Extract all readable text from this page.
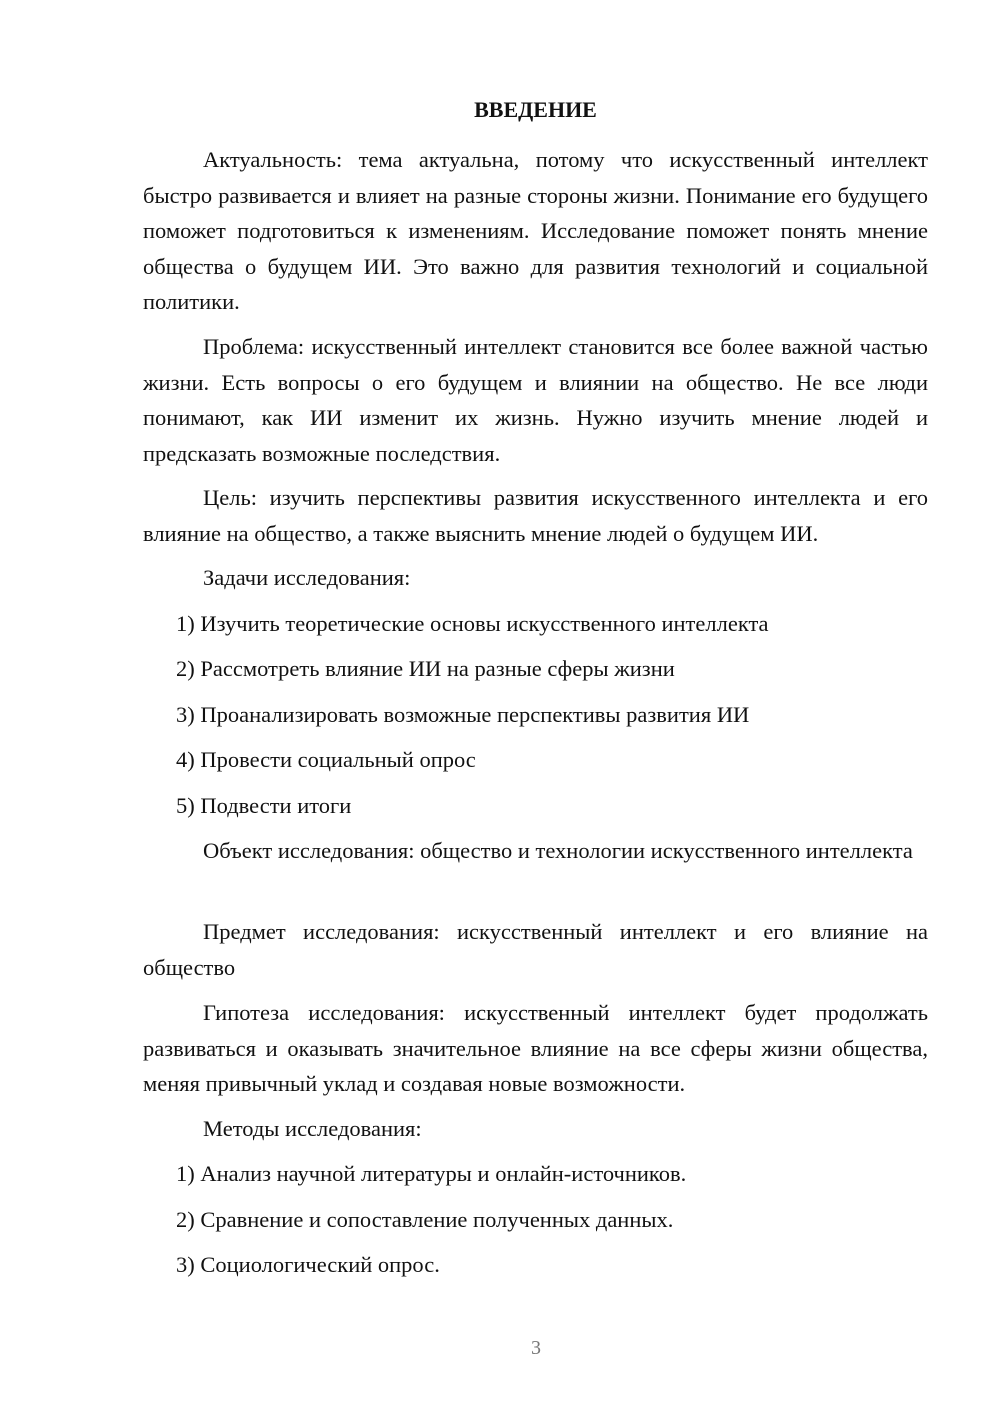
ВВЕДЕНИЕ

Актуальность: тема актуальна, потому что искусственный интеллект быстро развивается и влияет на разные стороны жизни. Понимание его будущего поможет подготовиться к изменениям. Исследование поможет понять мнение общества о будущем ИИ. Это важно для развития технологий и социальной политики.

Проблема: искусственный интеллект становится все более важной частью жизни. Есть вопросы о его будущем и влиянии на общество. Не все люди понимают, как ИИ изменит их жизнь. Нужно изучить мнение людей и предсказать возможные последствия.

Цель: изучить перспективы развития искусственного интеллекта и его влияние на общество, а также выяснить мнение людей о будущем ИИ.

Задачи исследования:

1) Изучить теоретические основы искусственного интеллекта
2) Рассмотреть влияние ИИ на разные сферы жизни
3) Проанализировать возможные перспективы развития ИИ
4) Провести социальный опрос
5) Подвести итоги

Объект исследования: общество и технологии искусственного интеллекта

Предмет исследования: искусственный интеллект и его влияние на общество

Гипотеза исследования: искусственный интеллект будет продолжать развиваться и оказывать значительное влияние на все сферы жизни общества, меняя привычный уклад и создавая новые возможности.

Методы исследования:

1) Анализ научной литературы и онлайн-источников.
2) Сравнение и сопоставление полученных данных.
3) Социологический опрос.
3
